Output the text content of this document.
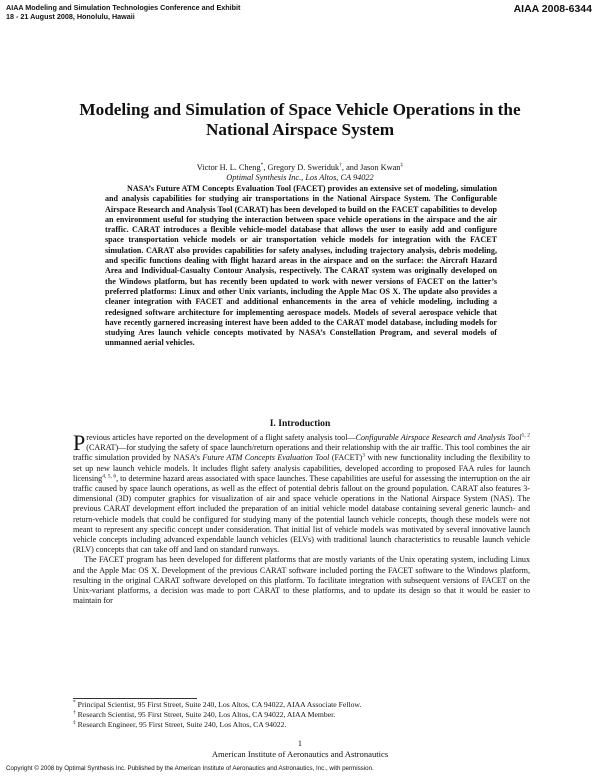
AIAA Modeling and Simulation Technologies Conference and Exhibit
18 - 21 August 2008, Honolulu, Hawaii
AIAA 2008-6344
Modeling and Simulation of Space Vehicle Operations in the National Airspace System
Victor H. L. Cheng*, Gregory D. Sweriduk†, and Jason Kwan‡
Optimal Synthesis Inc., Los Altos, CA 94022
NASA’s Future ATM Concepts Evaluation Tool (FACET) provides an extensive set of modeling, simulation and analysis capabilities for studying air transportations in the National Airspace System. The Configurable Airspace Research and Analysis Tool (CARAT) has been developed to build on the FACET capabilities to develop an environment useful for studying the interaction between space vehicle operations in the airspace and the air traffic. CARAT introduces a flexible vehicle-model database that allows the user to easily add and configure space transportation vehicle models or air transportation vehicle models for integration with the FACET simulation. CARAT also provides capabilities for safety analyses, including trajectory analysis, debris modeling, and specific functions dealing with flight hazard areas in the airspace and on the surface: the Aircraft Hazard Area and Individual-Casualty Contour Analysis, respectively. The CARAT system was originally developed on the Windows platform, but has recently been updated to work with newer versions of FACET on the latter’s preferred platforms: Linux and other Unix variants, including the Apple Mac OS X. The update also provides a cleaner integration with FACET and additional enhancements in the area of vehicle modeling, including a redesigned software architecture for implementing aerospace models. Models of several aerospace vehicle that have recently garnered increasing interest have been added to the CARAT model database, including models for studying Ares launch vehicle concepts motivated by NASA’s Constellation Program, and several models of unmanned aerial vehicles.
I. Introduction

Previous articles have reported on the development of a flight safety analysis tool—Configurable Airspace Research and Analysis Tool$^{1, 2}$ (CARAT)—for studying the safety of space launch/return operations and their relationship with the air traffic. This tool combines the air traffic simulation provided by NASA’s Future ATM Concepts Evaluation Tool (FACET)$^3$ with new functionality including the flexibility to set up new launch vehicle models. It includes flight safety analysis capabilities, developed according to proposed FAA rules for launch licensing$^{4, 5, 6}$, to determine hazard areas associated with space launches. These capabilities are useful for assessing the interruption on the air traffic caused by space launch operations, as well as the effect of potential debris fallout on the ground population. CARAT also features 3-dimensional (3D) computer graphics for visualization of air and space vehicle operations in the National Airspace System (NAS). The previous CARAT development effort included the preparation of an initial vehicle model database containing several generic launch- and return-vehicle models that could be configured for studying many of the potential launch vehicle concepts, though these models were not meant to represent any specific concept under consideration. That initial list of vehicle models was motivated by several innovative launch vehicle concepts including advanced expendable launch vehicles (ELVs) with traditional launch characteristics to reusable launch vehicle (RLV) concepts that can take off and land on standard runways.

The FACET program has been developed for different platforms that are mostly variants of the Unix operating system, including Linux and the Apple Mac OS X. Development of the previous CARAT software included porting the FACET software to the Windows platform, resulting in the original CARAT software developed on this platform. To facilitate integration with subsequent versions of FACET on the Unix-variant platforms, a decision was made to port CARAT to these platforms, and to update its design so that it would be easier to maintain for

* Principal Scientist, 95 First Street, Suite 240, Los Altos, CA 94022, AIAA Associate Fellow.
† Research Scientist, 95 First Street, Suite 240, Los Altos, CA 94022, AIAA Member.
‡ Research Engineer, 95 First Street, Suite 240, Los Altos, CA 94022.
1
American Institute of Aeronautics and Astronautics
Copyright © 2008 by Optimal Synthesis Inc. Published by the American Institute of Aeronautics and Astronautics, Inc., with permission.
